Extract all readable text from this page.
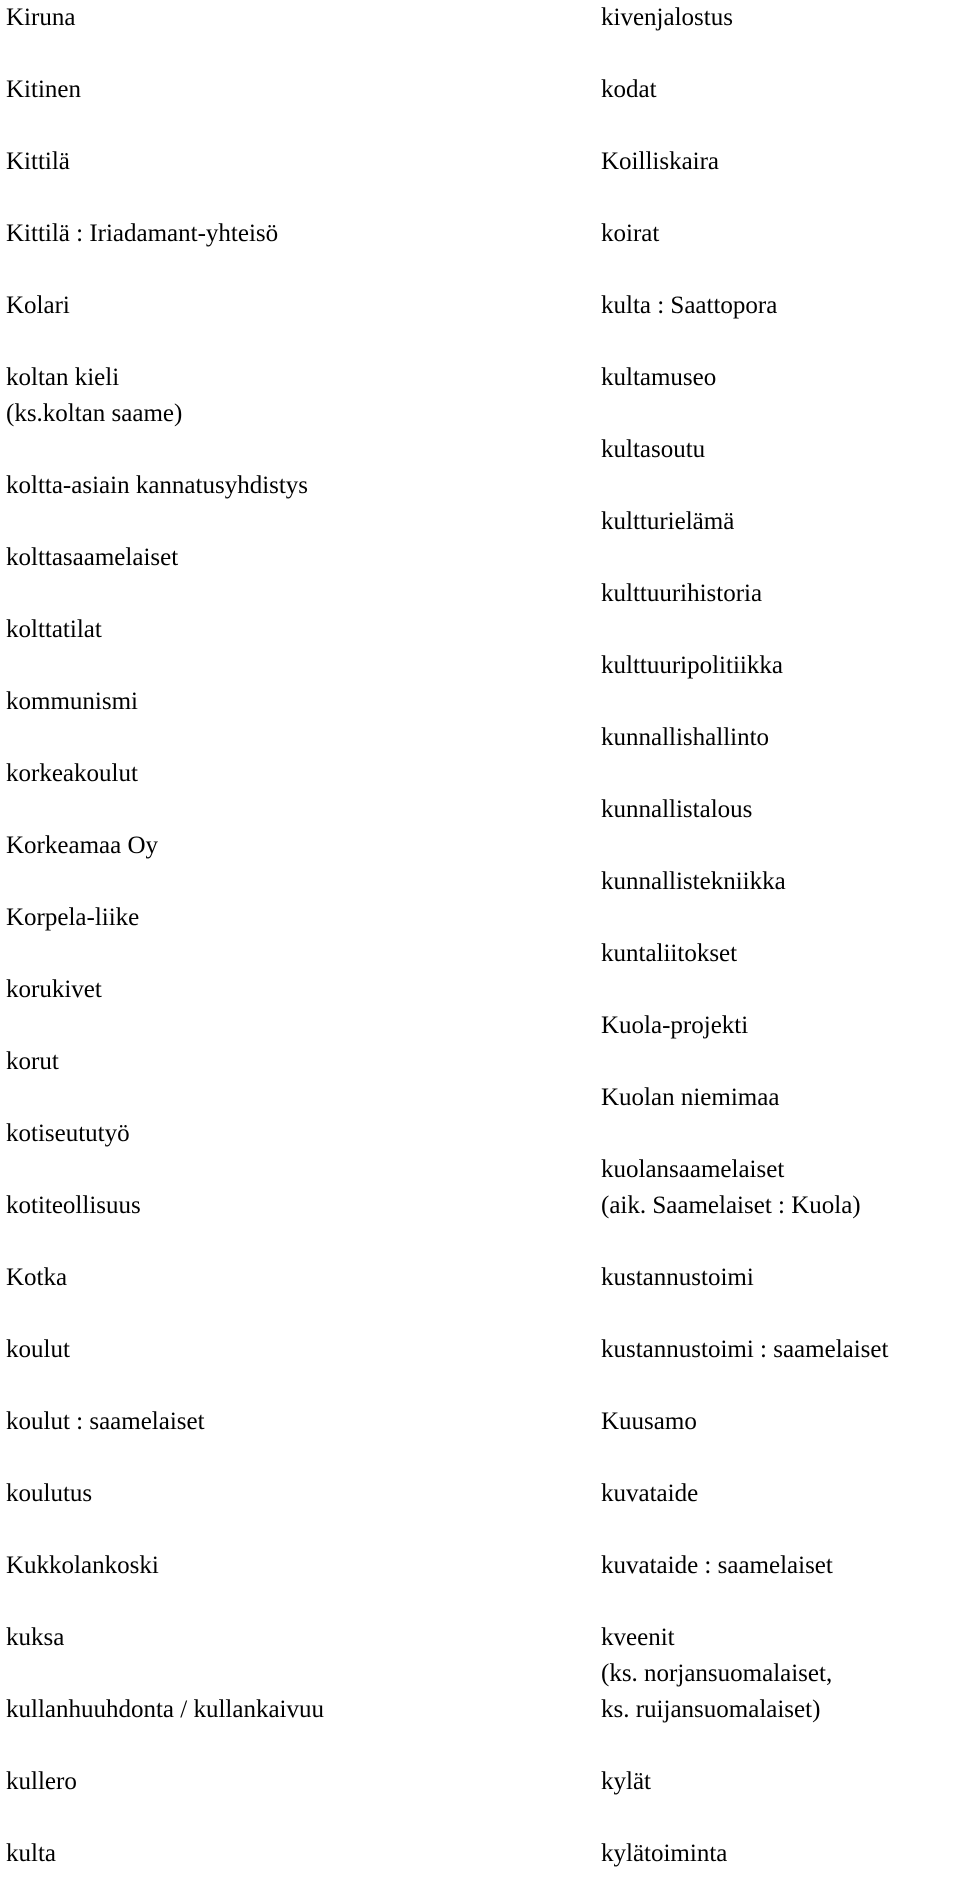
Kiruna
Kitinen
Kittilä
Kittilä : Iriadamant-yhteisö
Kolari
koltan kieli
(ks.koltan saame)
koltta-asiain kannatusyhdistys
kolttasaamelaiset
kolttatilat
kommunismi
korkeakoulut
Korkeamaa Oy
Korpela-liike
korukivet
korut
kotiseututyö
kotiteollisuus
Kotka
koulut
koulut : saamelaiset
koulutus
Kukkolankoski
kuksa
kullanhuuhdonta / kullankaivuu
kullero
kulta
kivenjalostus
kodat
Koilliskaira
koirat
kulta : Saattopora
kultamuseo
kultasoutu
kultturielämä
kulttuurihistoria
kulttuuripolitiikka
kunnallishallinto
kunnallistalous
kunnallistekniikka
kuntaliitokset
Kuola-projekti
Kuolan niemimaa
kuolansaamelaiset
(aik. Saamelaiset : Kuola)
kustannustoimi
kustannustoimi : saamelaiset
Kuusamo
kuvataide
kuvataide : saamelaiset
kveenit
(ks. norjansuomalaiset,
ks. ruijansuomalaiset)
kylät
kylätoiminta
